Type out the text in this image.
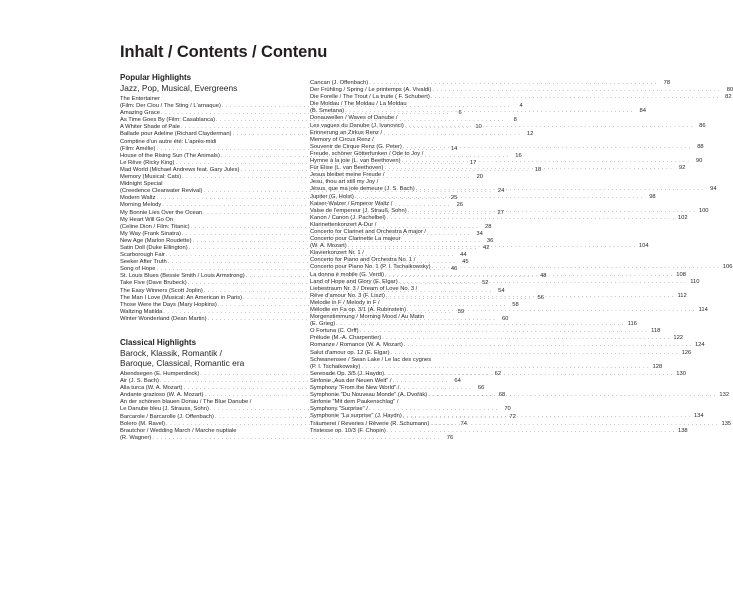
Inhalt / Contents / Contenu
Popular Highlights
Jazz, Pop, Musical, Evergreens
The Entertainer
(Film: Der Clou / The Sting / L'arnaque) . . .	4
Amazing Grace . . .	6
As Time Goes By (Film: Casablanca) . . .	8
A Whiter Shade of Pale . . .	10
Ballade pour Adeline (Richard Clayderman) . . .	12
Comptine d'un autre été: L'après-midi
(Film: Amélie) . . .	14
House of the Rising Sun (The Animals) . . .	16
Le Rêve (Ricky King) . . .	17
Mad World (Michael Andrews feat. Gary Jules) . . .	18
Memory (Musical: Cats) . . .	20
Midnight Special
(Creedence Clearwater Revival) . . .	24
Modern Waltz . . .	25
Morning Melody . . .	26
My Bonnie Lies Over the Ocean . . .	27
My Heart Will Go On
(Celine Dion / Film: Titanic) . . .	28
My Way (Frank Sinatra) . . .	34
New Age (Marlon Roudette) . . .	36
Satin Doll (Duke Ellington) . . .	42
Scarborough Fair . . .	44
Seeker After Truth . . .	45
Song of Hope . . .	46
St. Louis Blues (Bessie Smith / Louis Armstrong) . . .	48
Take Five (Dave Brubeck) . . .	52
The Easy Winners (Scott Joplin) . . .	54
The Man I Love (Musical: An American in Paris) . . .	56
Those Were the Days (Mary Hopkins) . . .	58
Waltzing Matilda . . .	59
Winter Wonderland (Dean Martin) . . .	60
Classical Highlights
Barock, Klassik, Romantik /
Baroque, Classical, Romantic era
Abendsegen (E. Humperdinck) . . .	62
Air (J. S. Bach) . . .	64
Alla turca (W. A. Mozart) . . .	66
Andante grazioso (W. A. Mozart) . . .	68
An der schönen blauen Donau / The Blue Danube /
Le Danube bleu (J. Strauss, Sohn) . . .	70
Barcarole / Barcarolle (J. Offenbach) . . .	72
Bolero (M. Ravel) . . .	74
Brautchor / Wedding March / Marche nuptiale
(R. Wagner) . . .	76
Cancan (J. Offenbach) . . .	78
Der Frühling / Spring / Le printemps (A. Vivaldi) . . .	80
Die Forelle / The Trout / La truite ( F. Schubert) . . .	82
Die Moldau / The Moldau / La Moldau
(B. Smetana) . . .	84
Donauwellen / Waves of Danube /
Les vagues du Danube (J. Ivanovici) . . .	86
Erinnerung an Zirkus Renz /
Memory of Circus Renz /
Souvenir de Cirque Renz (G. Peter) . . .	88
Freude, schöner Götterfunken / Ode to Joy /
Hymne à la joie (L. van Beethoven) . . .	90
Für Elise (L. van Beethoven) . . .	92
Jesus bleibet meine Freude /
Jesu, thou art still my Joy /
Jésus, que ma joie demeure (J. S. Bach) . . .	94
Jupiter (G. Holst) . . .	98
Kaiser-Walzer / Emperor Waltz /
Valse de l'empereur (J. Strauß, Sohn) . . .	100
Kanon / Canon (J. Pachelbel) . . .	102
Klarinettenkonzert A-Dur /
Concerto for Clarinet and Orchestra A major /
Concerto pour Clarinette La majeur
(W. A. Mozart) . . .	104
Klavierkonzert Nr. 1 /
Concerto for Piano and Orchestra No. 1 /
Concerto pour Piano No. 1 (P. I. Tschaikowsky) . . .	106
La donna è mobile (G. Verdi) . . .	108
Land of Hope and Glory (E. Elgar) . . .	110
Liebestraum Nr. 3 / Dream of Love No. 3 /
Rêve d'amour No. 3 (F. Liszt) . . .	112
Melodie in F / Melody in F /
Mélodie en Fa op. 3/1 (A. Rubinstein) . . .	114
Morgenstimmung / Morning Mood / Au Matin
(E. Grieg) . . .	116
O Fortuna (C. Orff) . . .	118
Prélude (M.-A. Charpentier) . . .	122
Romanze / Romance (W. A. Mozart) . . .	124
Salut d'amour op. 12 (E. Elgar) . . .	126
Schwanensee / Swan Lake / Le lac des cygnes
(P. I. Tschaikowsky) . . .	128
Serenade Op. 3/5 (J. Haydn) . . .	130
Sinfonie „Aus der Neuen Welt" /
Symphony "From the New World" /
Symphonie "Du Nouveau Monde" (A. Dvořák) . . .	132
Sinfonie "Mit dem Paukenschlag" /
Symphony "Surprise" /
Symphonie "La surprise" (J. Haydn) . . .	134
Träumerei / Reveries / Rêverie (R. Schumann) . . .	135
Tristesse op. 10/3 (F. Chopin) . . .	138
